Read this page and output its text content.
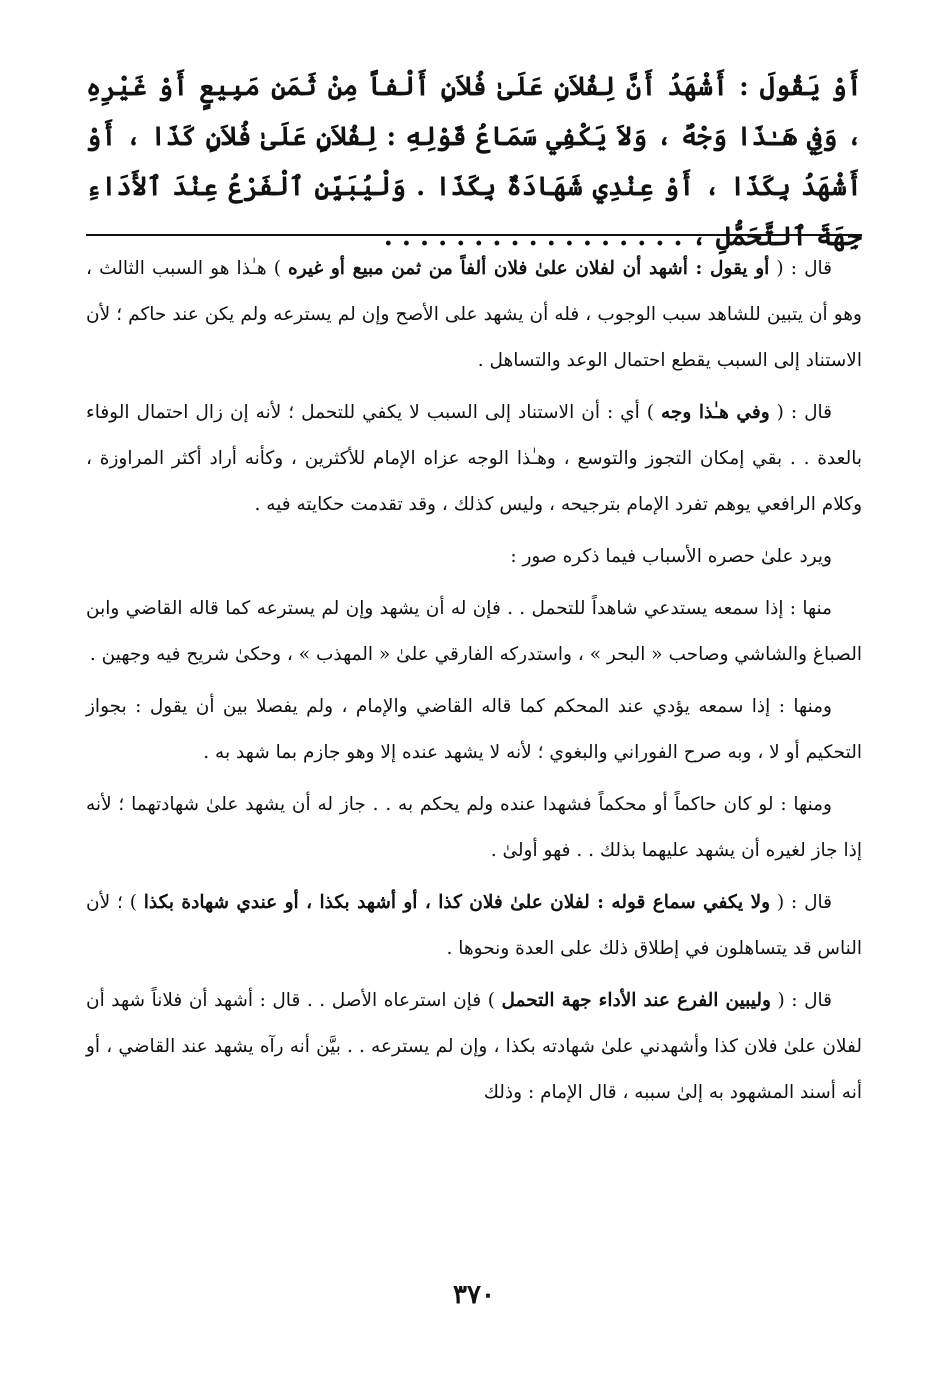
أَوْ يَقُولَ : أَشْهَدُ أَنَّ لِفُلاَنٍ عَلَىٰ فُلاَنٍ أَلْفاً مِنْ ثَمَنِ مَبِيعٍ أَوْ غَيْرِهِ ، وَفِي هَـٰذَا وَجْهٌ ، وَلاَ يَكْفِي سَمَاعُ قَوْلِهِ : لِفُلاَنٍ عَلَىٰ فُلاَنٍ كَذَا ، أَوْ أَشْهَدُ بِكَذَا ، أَوْ عِنْدِي شَهَادَةٌ بِكَذَا . وَلْيُبَيِّنِ ٱلْفَرْعُ عِنْدَ ٱلأَدَاءِ جِهَةَ ٱلتَّحَمُّلِ ، . . . . . . . . . . . . . . . . .

قال : ( أو يقول : أشهد أن لفلان علىٰ فلان ألفاً من ثمن مبيع أو غيره ) هـٰذا هو السبب الثالث ، وهو أن يتبين للشاهد سبب الوجوب ، فله أن يشهد على الأصح وإن لم يسترعه ولم يكن عند حاكم ؛ لأن الاستناد إلى السبب يقطع احتمال الوعد والتساهل .

قال : ( وفي هـٰذا وجه ) أي : أن الاستناد إلى السبب لا يكفي للتحمل ؛ لأنه إن زال احتمال الوفاء بالعدة . . بقي إمكان التجوز والتوسع ، وهـٰذا الوجه عزاه الإمام للأكثرين ، وكأنه أراد أكثر المراوزة ، وكلام الرافعي يوهم تفرد الإمام بترجيحه ، وليس كذلك ، وقد تقدمت حكايته فيه .

ويرد علىٰ حصره الأسباب فيما ذكره صور :

منها : إذا سمعه يستدعي شاهداً للتحمل . . فإن له أن يشهد وإن لم يسترعه كما قاله القاضي وابن الصباغ والشاشي وصاحب « البحر » ، واستدركه الفارقي علىٰ « المهذب » ، وحكىٰ شريح فيه وجهين .

ومنها : إذا سمعه يؤدي عند المحكم كما قاله القاضي والإمام ، ولم يفصلا بين أن يقول : بجواز التحكيم أو لا ، وبه صرح الفوراني والبغوي ؛ لأنه لا يشهد عنده إلا وهو جازم بما شهد به .

ومنها : لو كان حاكماً أو محكماً فشهدا عنده ولم يحكم به . . جاز له أن يشهد علىٰ شهادتهما ؛ لأنه إذا جاز لغيره أن يشهد عليهما بذلك . . فهو أولىٰ .

قال : ( ولا يكفي سماع قوله : لفلان علىٰ فلان كذا ، أو أشهد بكذا ، أو عندي شهادة بكذا ) ؛ لأن الناس قد يتساهلون في إطلاق ذلك على العدة ونحوها .

قال : ( وليبين الفرع عند الأداء جهة التحمل ) فإن استرعاه الأصل . . قال : أشهد أن فلاناً شهد أن لفلان علىٰ فلان كذا وأشهدني علىٰ شهادته بكذا ، وإن لم يسترعه . . بيَّن أنه رآه يشهد عند القاضي ، أو أنه أسند المشهود به إلىٰ سببه ، قال الإمام : وذلك

٣٧٠
